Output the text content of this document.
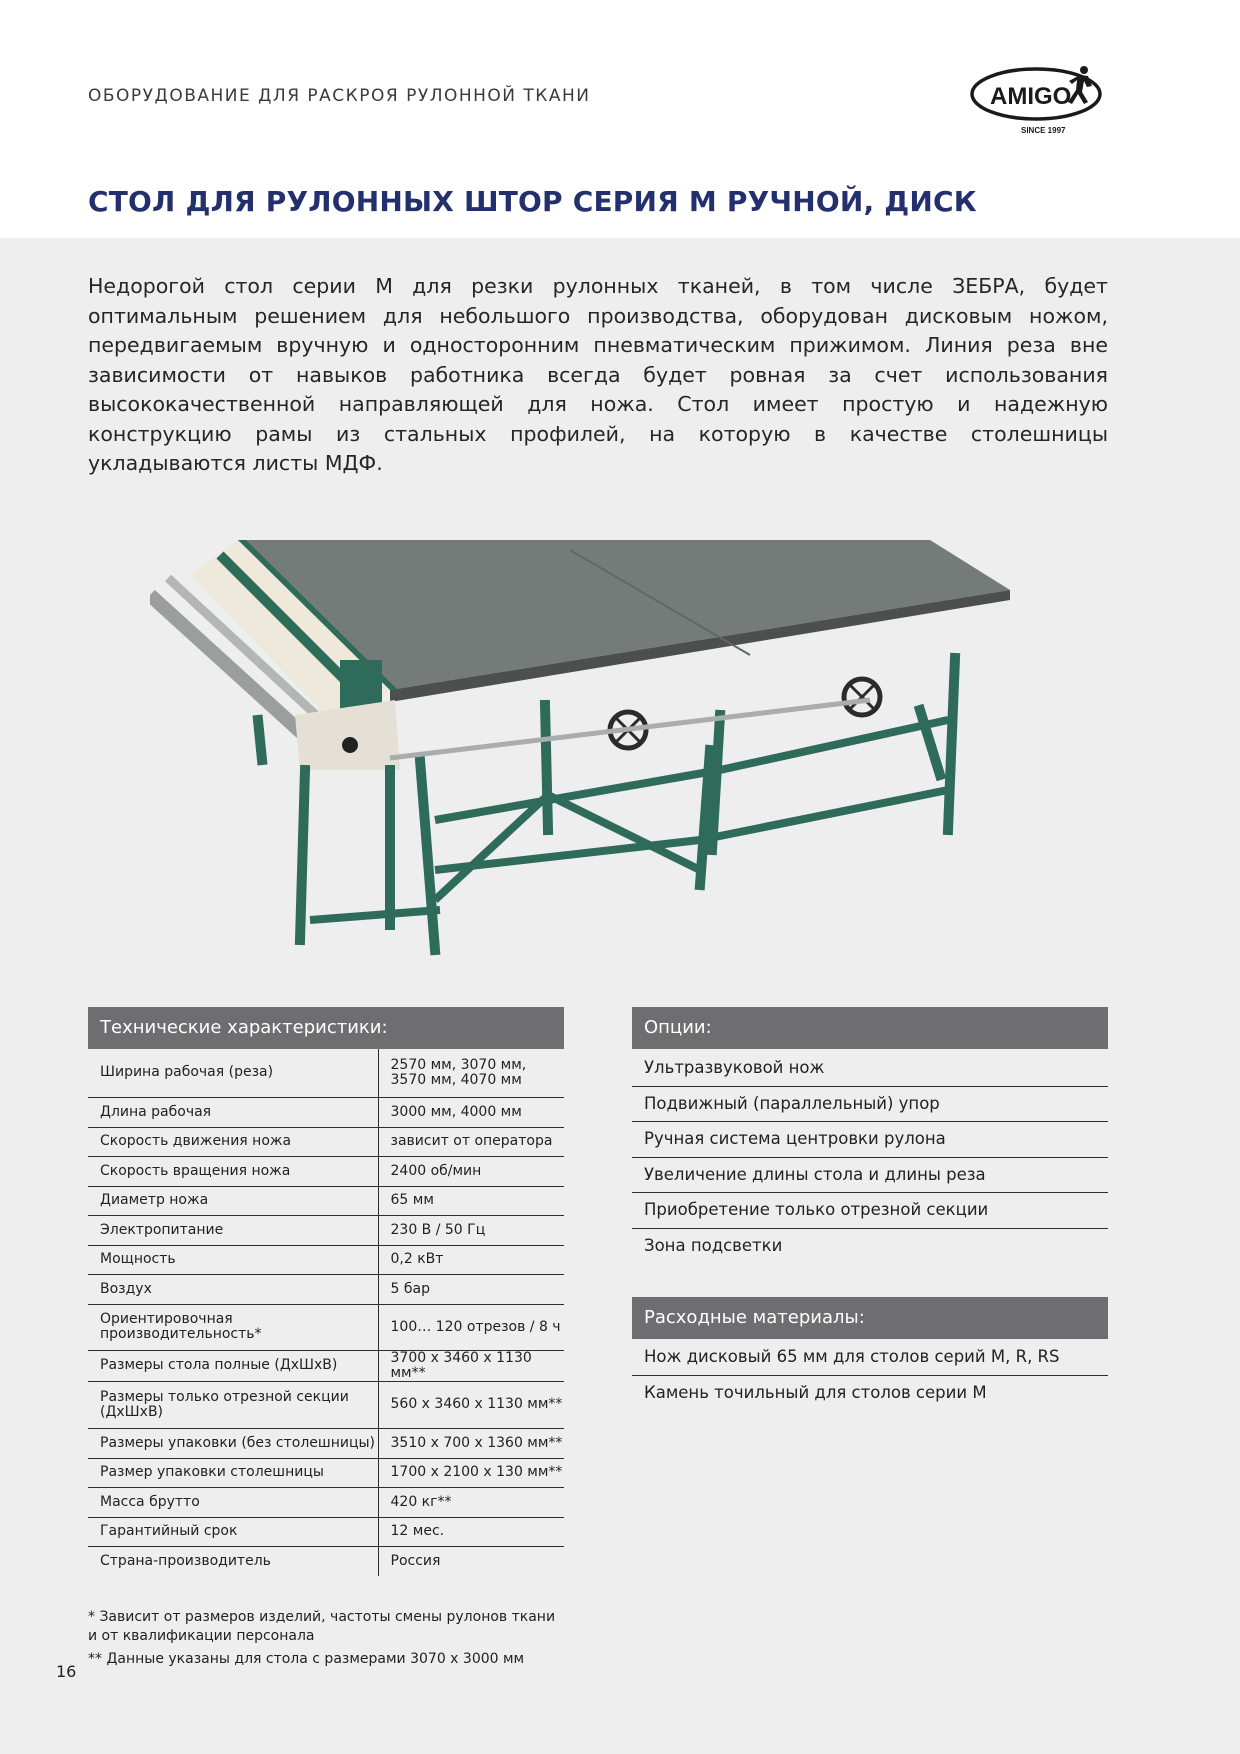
ОБОРУДОВАНИЕ ДЛЯ РАСКРОЯ РУЛОННОЙ ТКАНИ	AMIGO
SINCE 1997
СТОЛ ДЛЯ РУЛОННЫХ ШТОР СЕРИЯ М РУЧНОЙ, ДИСК

Недорогой стол серии М для резки рулонных тканей, в том числе ЗЕБРА, будет оптимальным решением для небольшого производства, оборудован дисковым ножом, передвигаемым вручную и односторонним пневматическим прижимом. Линия реза вне зависимости от навыков работника всегда будет ровная за счет использования высококачественной направляющей для ножа. Стол имеет простую и надежную конструкцию рамы из стальных профилей, на которую в качестве столешницы укладываются листы МДФ.

Технические характеристики:
Ширина рабочая (реза)	2570 мм, 3070 мм, 3570 мм, 4070 мм
Длина рабочая	3000 мм, 4000 мм
Скорость движения ножа	зависит от оператора
Скорость вращения ножа	2400 об/мин
Диаметр ножа	65 мм
Электропитание	230 В / 50 Гц
Мощность	0,2 кВт
Воздух	5 бар
Ориентировочная производительность*	100… 120 отрезов / 8 ч
Размеры стола полные (ДхШхВ)	3700 х 3460 х 1130 мм**
Размеры только отрезной секции (ДхШхВ)	560 х 3460 х 1130 мм**
Размеры упаковки (без столешницы)	3510 х 700 х 1360 мм**
Размер упаковки столешницы	1700 х 2100 х 130 мм**
Масса брутто	420 кг**
Гарантийный срок	12 мес.
Страна-производитель	Россия
Опции:
Ультразвуковой нож
Подвижный (параллельный) упор
Ручная система центровки рулона
Увеличение длины стола и длины реза
Приобретение только отрезной секции
Зона подсветки
Расходные материалы:
Нож дисковый 65 мм для столов серий M, R, RS
Камень точильный для столов серии М
* Зависит от размеров изделий, частоты смены рулонов ткани
и от квалификации персонала
** Данные указаны для стола с размерами 3070 х 3000 мм
16
